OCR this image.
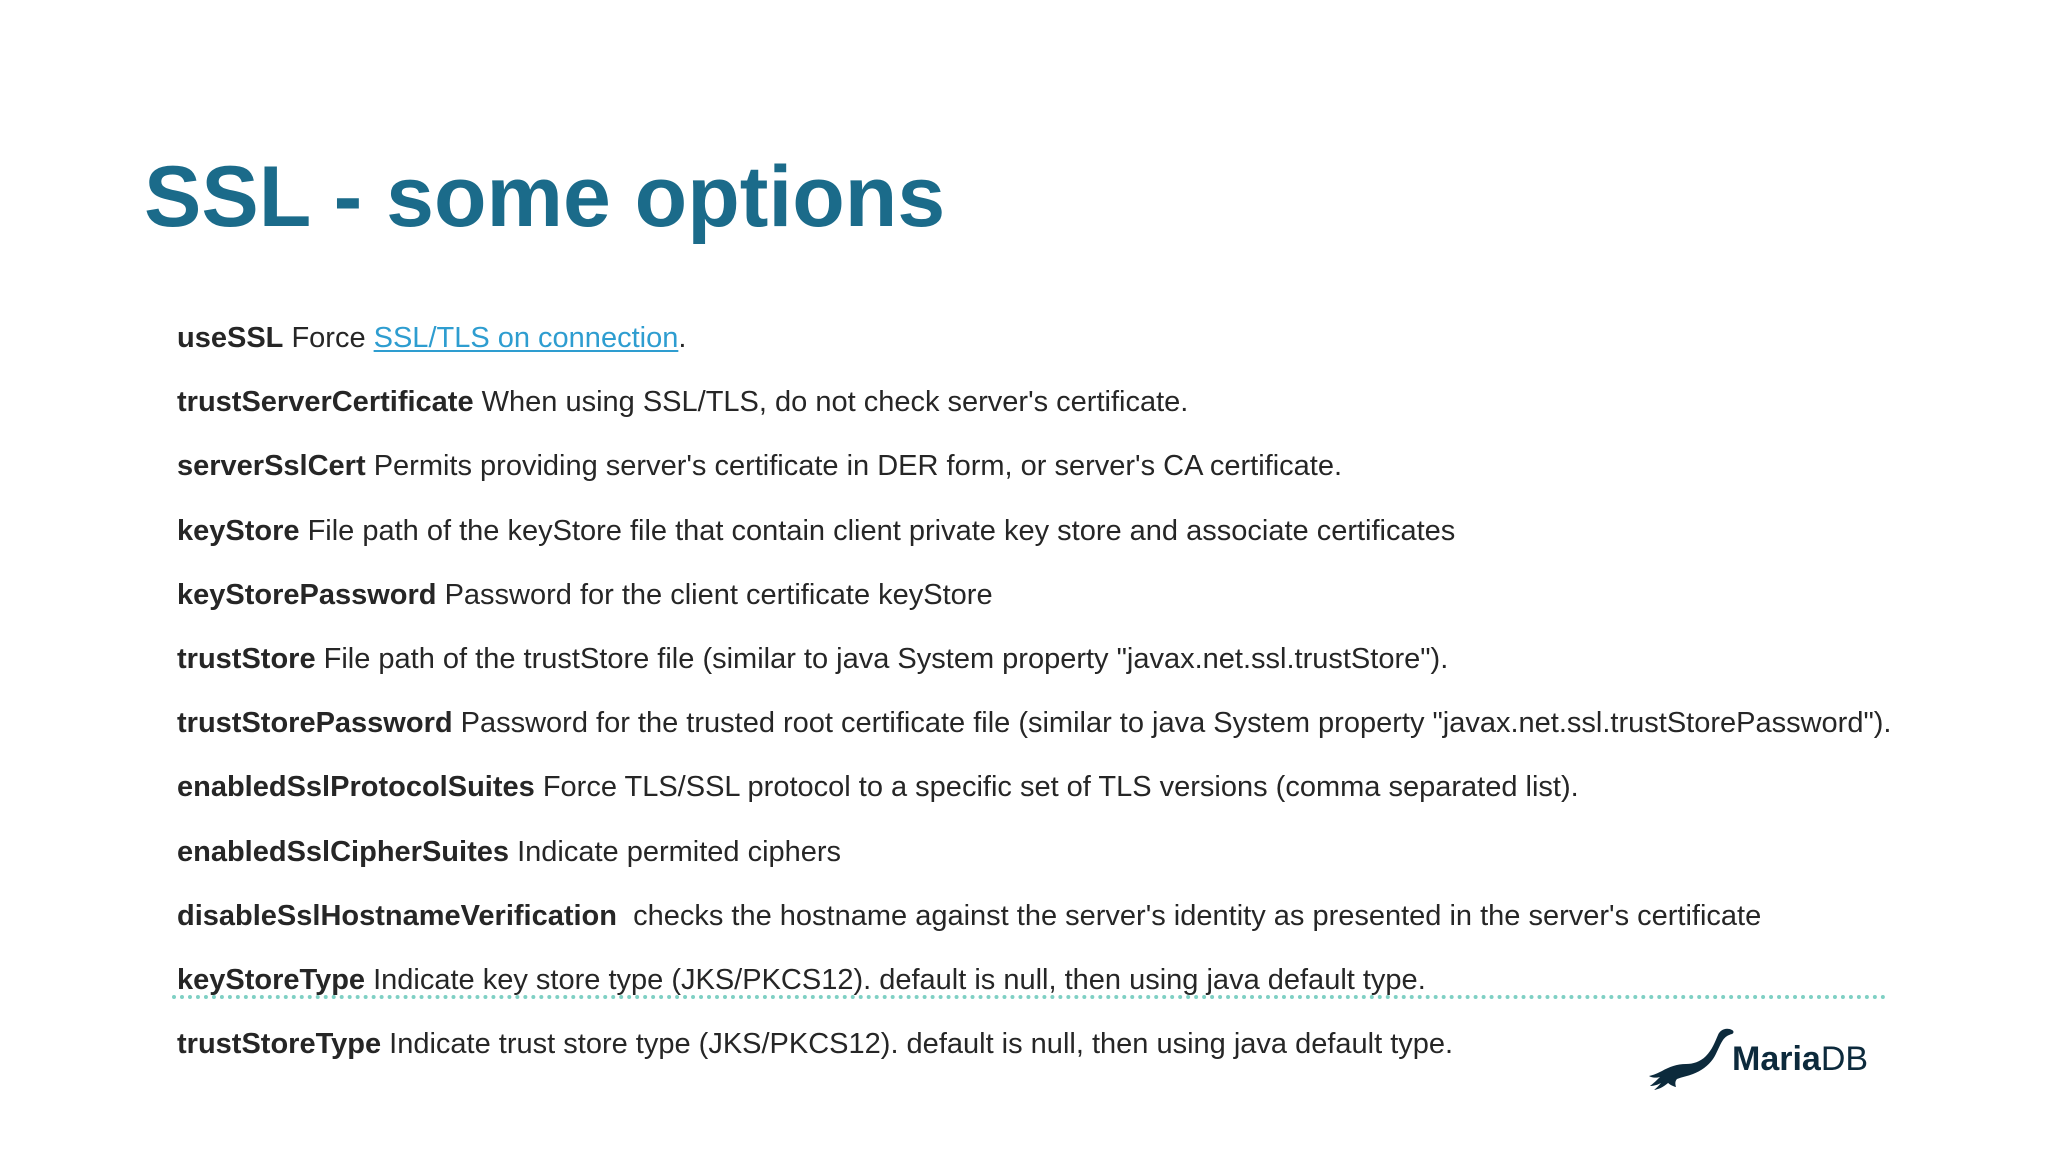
SSL - some options
useSSL Force SSL/TLS on connection.
trustServerCertificate When using SSL/TLS, do not check server's certificate.
serverSslCert Permits providing server's certificate in DER form, or server's CA certificate.
keyStore File path of the keyStore file that contain client private key store and associate certificates
keyStorePassword Password for the client certificate keyStore
trustStore File path of the trustStore file (similar to java System property "javax.net.ssl.trustStore").
trustStorePassword Password for the trusted root certificate file (similar to java System property "javax.net.ssl.trustStorePassword").
enabledSslProtocolSuites Force TLS/SSL protocol to a specific set of TLS versions (comma separated list).
enabledSslCipherSuites Indicate permited ciphers
disableSslHostnameVerification  checks the hostname against the server's identity as presented in the server's certificate
keyStoreType Indicate key store type (JKS/PKCS12). default is null, then using java default type.
trustStoreType Indicate trust store type (JKS/PKCS12). default is null, then using java default type.	MariaDB
